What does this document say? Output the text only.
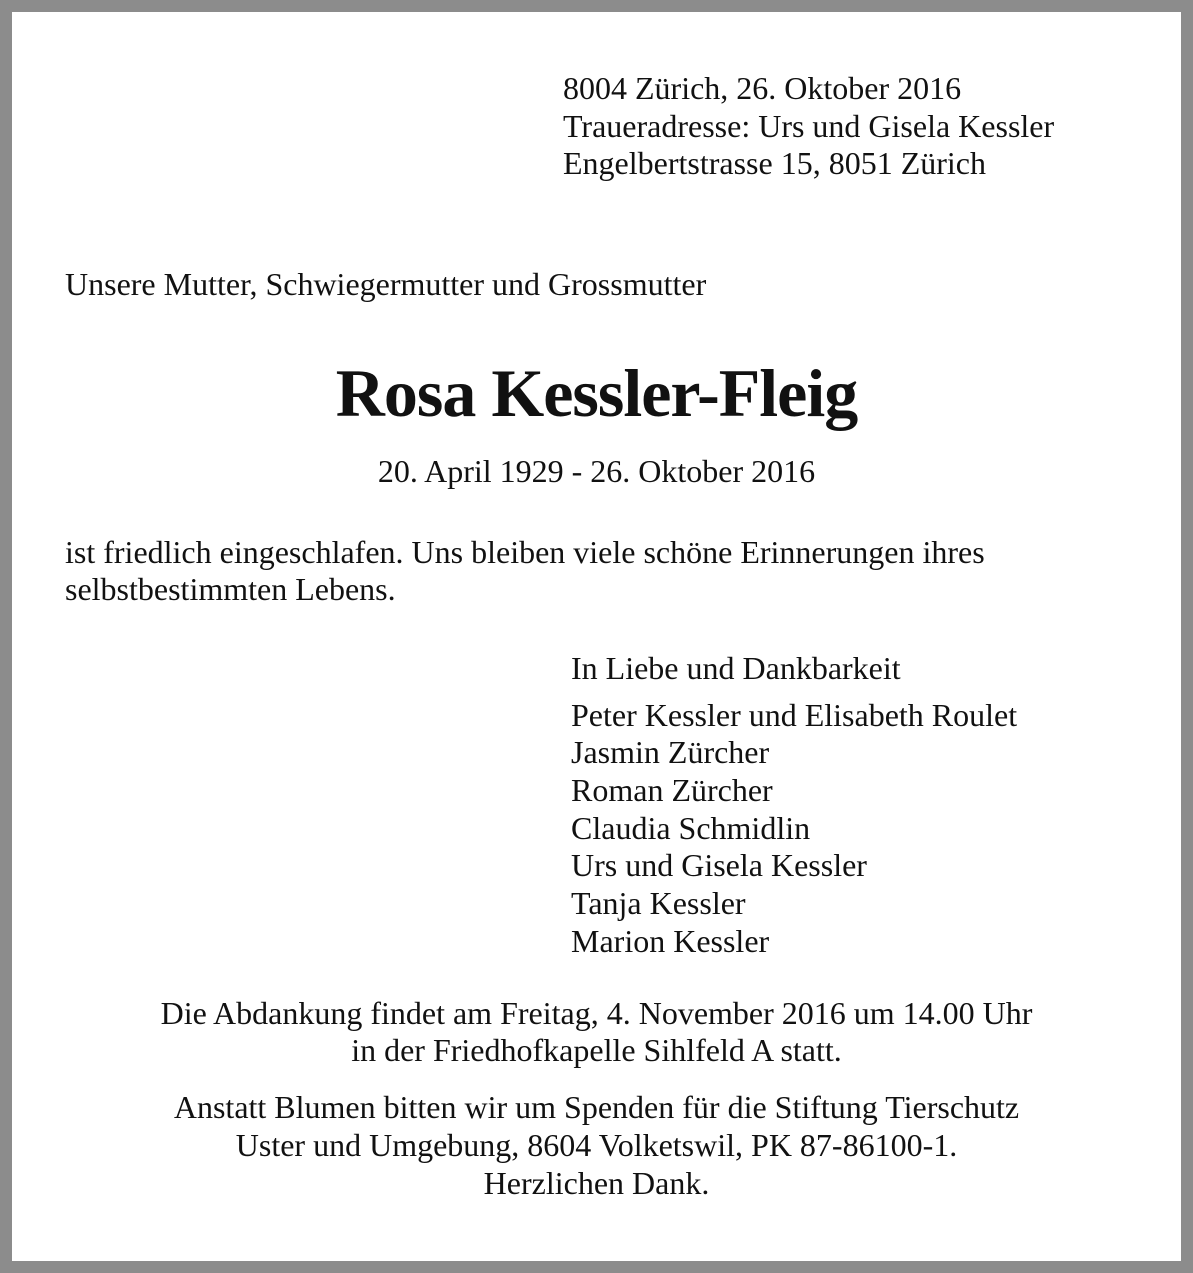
8004 Zürich, 26. Oktober 2016
Traueradresse: Urs und Gisela Kessler
Engelbertstrasse 15, 8051 Zürich
Unsere Mutter, Schwiegermutter und Grossmutter
Rosa Kessler-Fleig
20. April 1929 - 26. Oktober 2016
ist friedlich eingeschlafen. Uns bleiben viele schöne Erinnerungen ihres
selbstbestimmten Lebens.
In Liebe und Dankbarkeit
Peter Kessler und Elisabeth Roulet
Jasmin Zürcher
Roman Zürcher
Claudia Schmidlin
Urs und Gisela Kessler
Tanja Kessler
Marion Kessler
Die Abdankung findet am Freitag, 4. November 2016 um 14.00 Uhr
in der Friedhofkapelle Sihlfeld A statt.
Anstatt Blumen bitten wir um Spenden für die Stiftung Tierschutz
Uster und Umgebung, 8604 Volketswil, PK 87-86100-1.
Herzlichen Dank.
